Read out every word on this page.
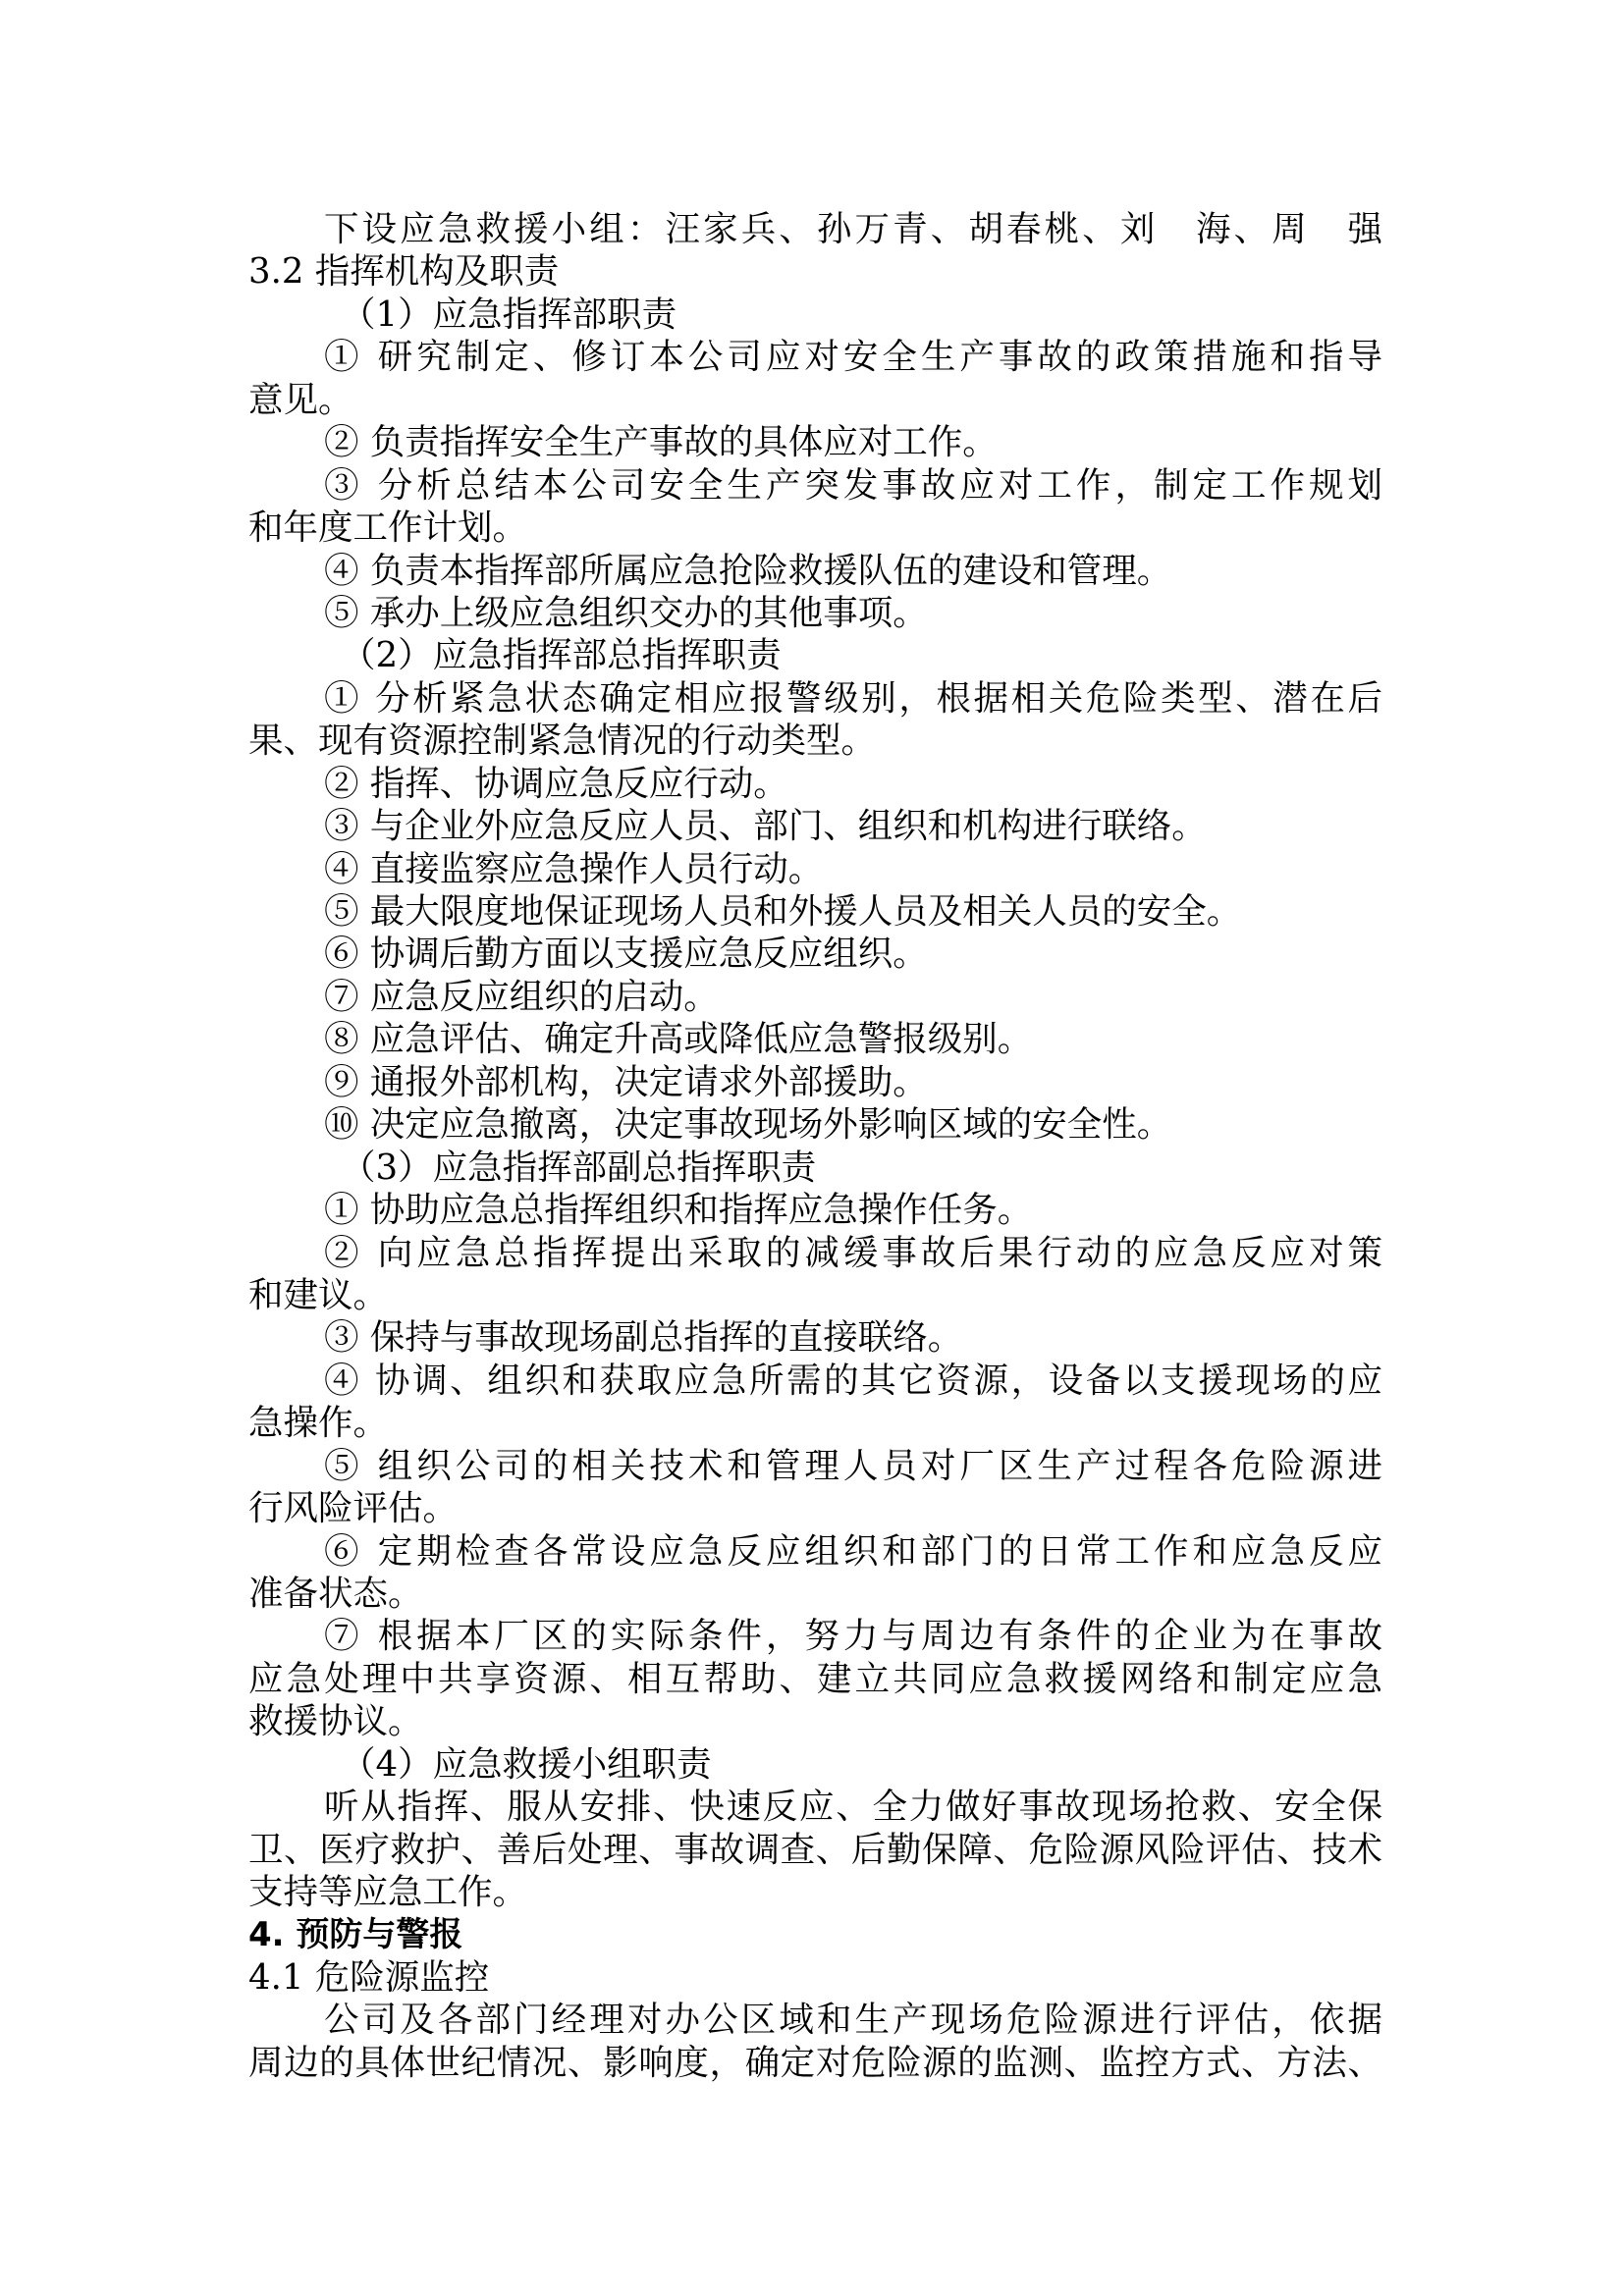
下设应急救援小组：汪家兵、孙万青、胡春桃、刘　海、周　强
3.2 指挥机构及职责
（1）应急指挥部职责
① 研究制定、修订本公司应对安全生产事故的政策措施和指导
意见。
② 负责指挥安全生产事故的具体应对工作。
③ 分析总结本公司安全生产突发事故应对工作，制定工作规划
和年度工作计划。
④ 负责本指挥部所属应急抢险救援队伍的建设和管理。
⑤ 承办上级应急组织交办的其他事项。
（2）应急指挥部总指挥职责
① 分析紧急状态确定相应报警级别，根据相关危险类型、潜在后
果、现有资源控制紧急情况的行动类型。
② 指挥、协调应急反应行动。
③ 与企业外应急反应人员、部门、组织和机构进行联络。
④ 直接监察应急操作人员行动。
⑤ 最大限度地保证现场人员和外援人员及相关人员的安全。
⑥ 协调后勤方面以支援应急反应组织。
⑦ 应急反应组织的启动。
⑧ 应急评估、确定升高或降低应急警报级别。
⑨ 通报外部机构，决定请求外部援助。
⑩ 决定应急撤离，决定事故现场外影响区域的安全性。
（3）应急指挥部副总指挥职责
① 协助应急总指挥组织和指挥应急操作任务。
② 向应急总指挥提出采取的减缓事故后果行动的应急反应对策
和建议。
③ 保持与事故现场副总指挥的直接联络。
④ 协调、组织和获取应急所需的其它资源，设备以支援现场的应
急操作。
⑤ 组织公司的相关技术和管理人员对厂区生产过程各危险源进
行风险评估。
⑥ 定期检查各常设应急反应组织和部门的日常工作和应急反应
准备状态。
⑦ 根据本厂区的实际条件，努力与周边有条件的企业为在事故
应急处理中共享资源、相互帮助、建立共同应急救援网络和制定应急
救援协议。
（4）应急救援小组职责
听从指挥、服从安排、快速反应、全力做好事故现场抢救、安全保
卫、医疗救护、善后处理、事故调查、后勤保障、危险源风险评估、技术
支持等应急工作。
4. 预防与警报
4.1 危险源监控
公司及各部门经理对办公区域和生产现场危险源进行评估，依据
周边的具体世纪情况、影响度，确定对危险源的监测、监控方式、方法、
